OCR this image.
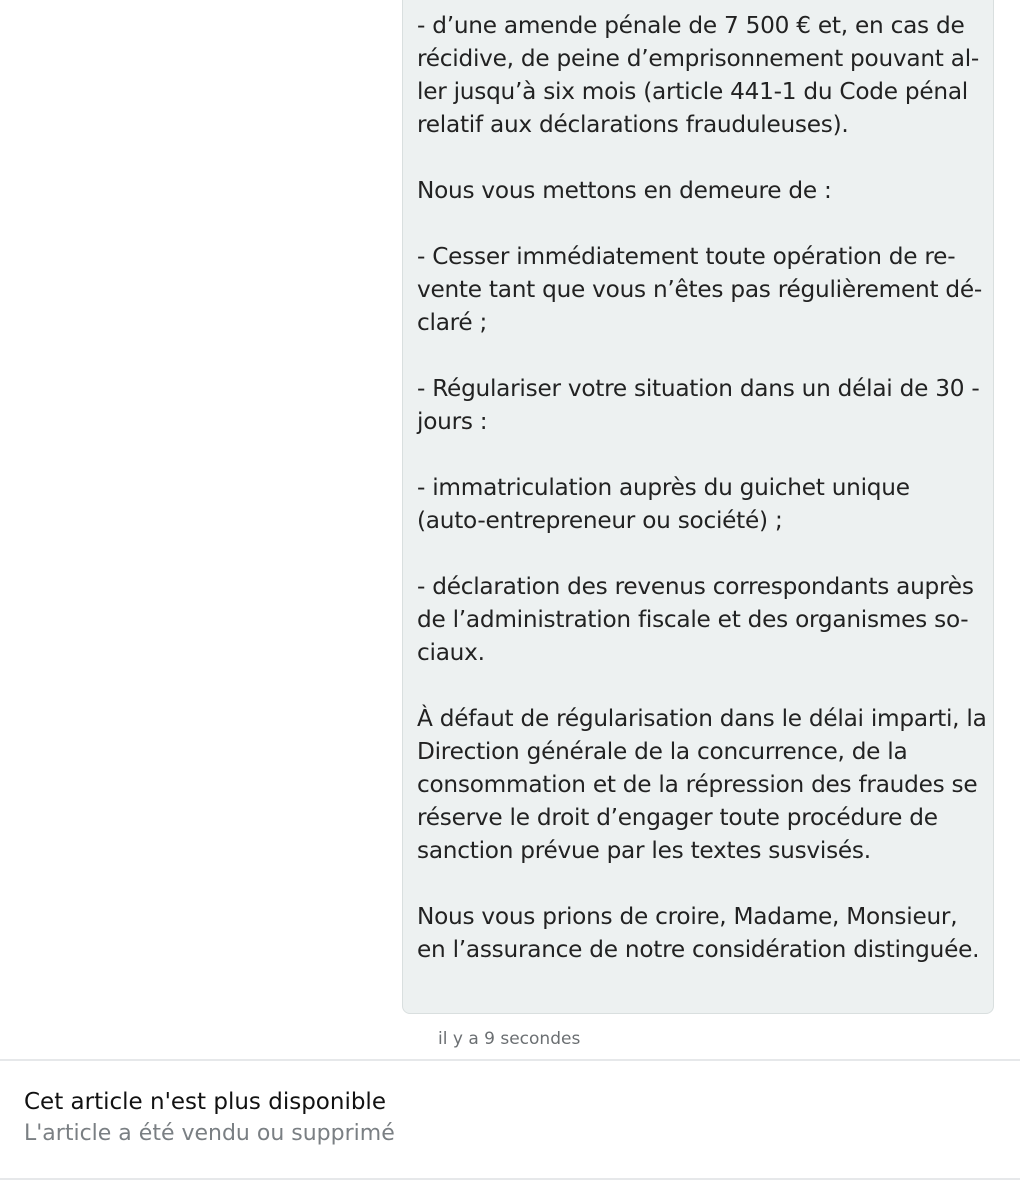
- d’une amende pénale de 7 500 € et, en cas de
récidive, de peine d’emprisonnement pouvant al-
ler jusqu’à six mois (article 441-1 du Code pénal
relatif aux déclarations frauduleuses).

Nous vous mettons en demeure de :

- Cesser immédiatement toute opération de re-
vente tant que vous n’êtes pas régulièrement dé-
claré ;

- Régulariser votre situation dans un délai de 30 -
jours :

- immatriculation auprès du guichet unique
(auto-entrepreneur ou société) ;

- déclaration des revenus correspondants auprès
de l’administration fiscale et des organismes so-
ciaux.

À défaut de régularisation dans le délai imparti, la
Direction générale de la concurrence, de la
consommation et de la répression des fraudes se
réserve le droit d’engager toute procédure de
sanction prévue par les textes susvisés.

Nous vous prions de croire, Madame, Monsieur,
en l’assurance de notre considération distinguée.

il y a 9 secondes
Cet article n'est plus disponible
L'article a été vendu ou supprimé
